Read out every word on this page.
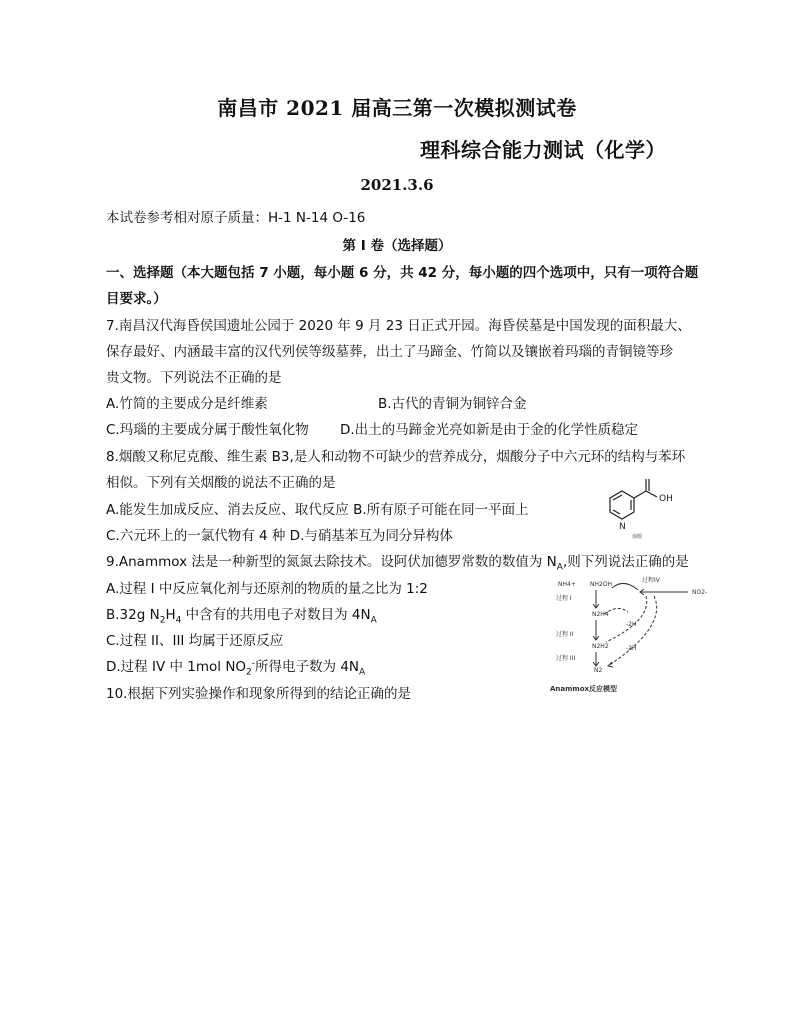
南昌市 2021 届高三第一次模拟测试卷
理科综合能力测试（化学）
2021.3.6
本试卷参考相对原子质量：H-1 N-14 O-16
第 I 卷（选择题）
一、选择题（本大题包括 7 小题，每小题 6 分，共 42 分，每小题的四个选项中，只有一项符合题
目要求。）
7.南昌汉代海昏侯国遗址公园于 2020 年 9 月 23 日正式开园。海昏侯墓是中国发现的面积最大、
保存最好、内涵最丰富的汉代列侯等级墓葬，出土了马蹄金、竹简以及镶嵌着玛瑙的青铜镜等珍
贵文物。下列说法不正确的是
A.竹简的主要成分是纤维素	B.古代的青铜为铜锌合金
C.玛瑙的主要成分属于酸性氧化物 D.出土的马蹄金光亮如新是由于金的化学性质稳定
8.烟酸又称尼克酸、维生素 B3,是人和动物不可缺少的营养成分，烟酸分子中六元环的结构与苯环
相似。下列有关烟酸的说法不正确的是
A.能发生加成反应、消去反应、取代反应 B.所有原子可能在同一平面上
C.六元环上的一氯代物有 4 种 D.与硝基苯互为同分异构体
N
OH
烟酸
9.Anammox 法是一种新型的氮氮去除技术。设阿伏加德罗常数的数值为 $N_A$,则下列说法正确的是
A.过程 I 中反应氧化剂与还原剂的物质的量之比为 1:2
B.32g $N_2H_4$ 中含有的共用电子对数目为 $4N_A$
C.过程 II、III 均属于还原反应
D.过程 IV 中 1mol $NO_2^-$所得电子数为 $4N_A$
NH4+ NH2OH
过程 I
过程IV
NO2-
N2H4
过程 II
N2H2
过程 III
N2
-2H
-2H
Anammox反应模型
10.根据下列实验操作和现象所得到的结论正确的是
